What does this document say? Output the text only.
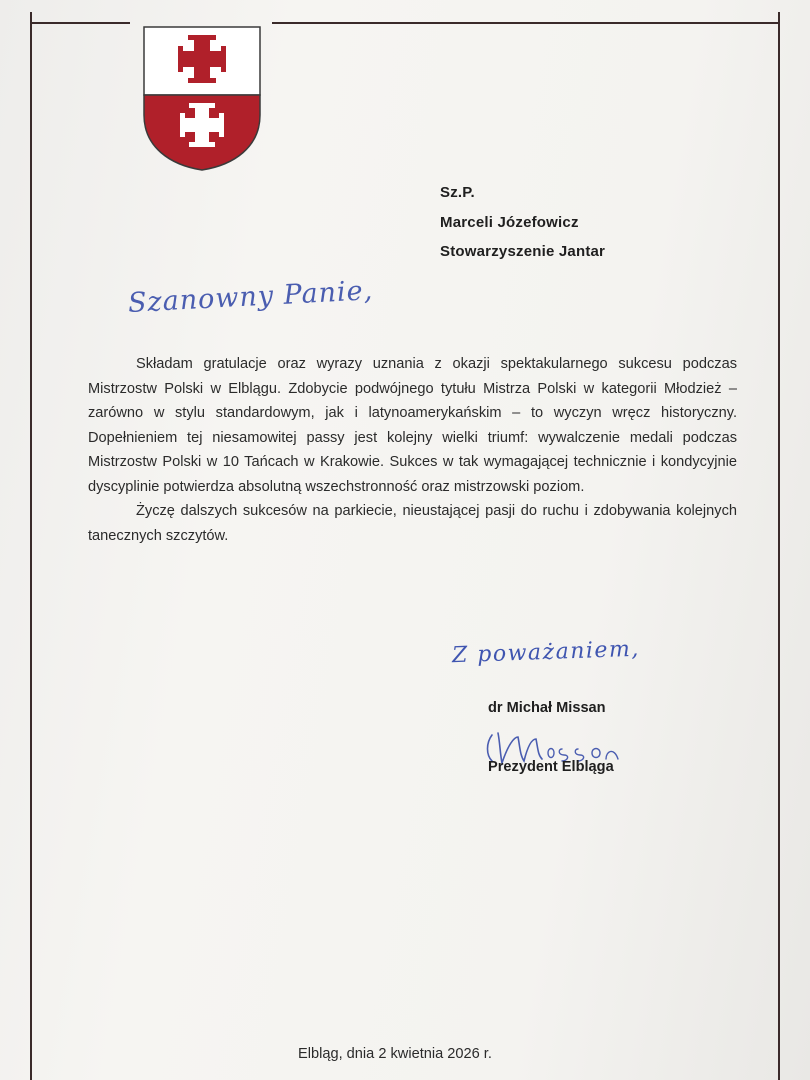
Sz.P.
Marceli Józefowicz
Stowarzyszenie Jantar
Szanowny Panie,

Składam gratulacje oraz wyrazy uznania z okazji spektakularnego sukcesu podczas Mistrzostw Polski w Elblągu. Zdobycie podwójnego tytułu Mistrza Polski w kategorii Młodzież – zarówno w stylu standardowym, jak i latynoamerykańskim – to wyczyn wręcz historyczny. Dopełnieniem tej niesamowitej passy jest kolejny wielki triumf: wywalczenie medali podczas Mistrzostw Polski w 10 Tańcach w Krakowie. Sukces w tak wymagającej technicznie i kondycyjnie dyscyplinie potwierdza absolutną wszechstronność oraz mistrzowski poziom.

Życzę dalszych sukcesów na parkiecie, nieustającej pasji do ruchu i zdobywania kolejnych tanecznych szczytów.

Z poważaniem,
dr Michał Missan
Prezydent Elbląga
Elbląg, dnia 2 kwietnia 2026 r.
